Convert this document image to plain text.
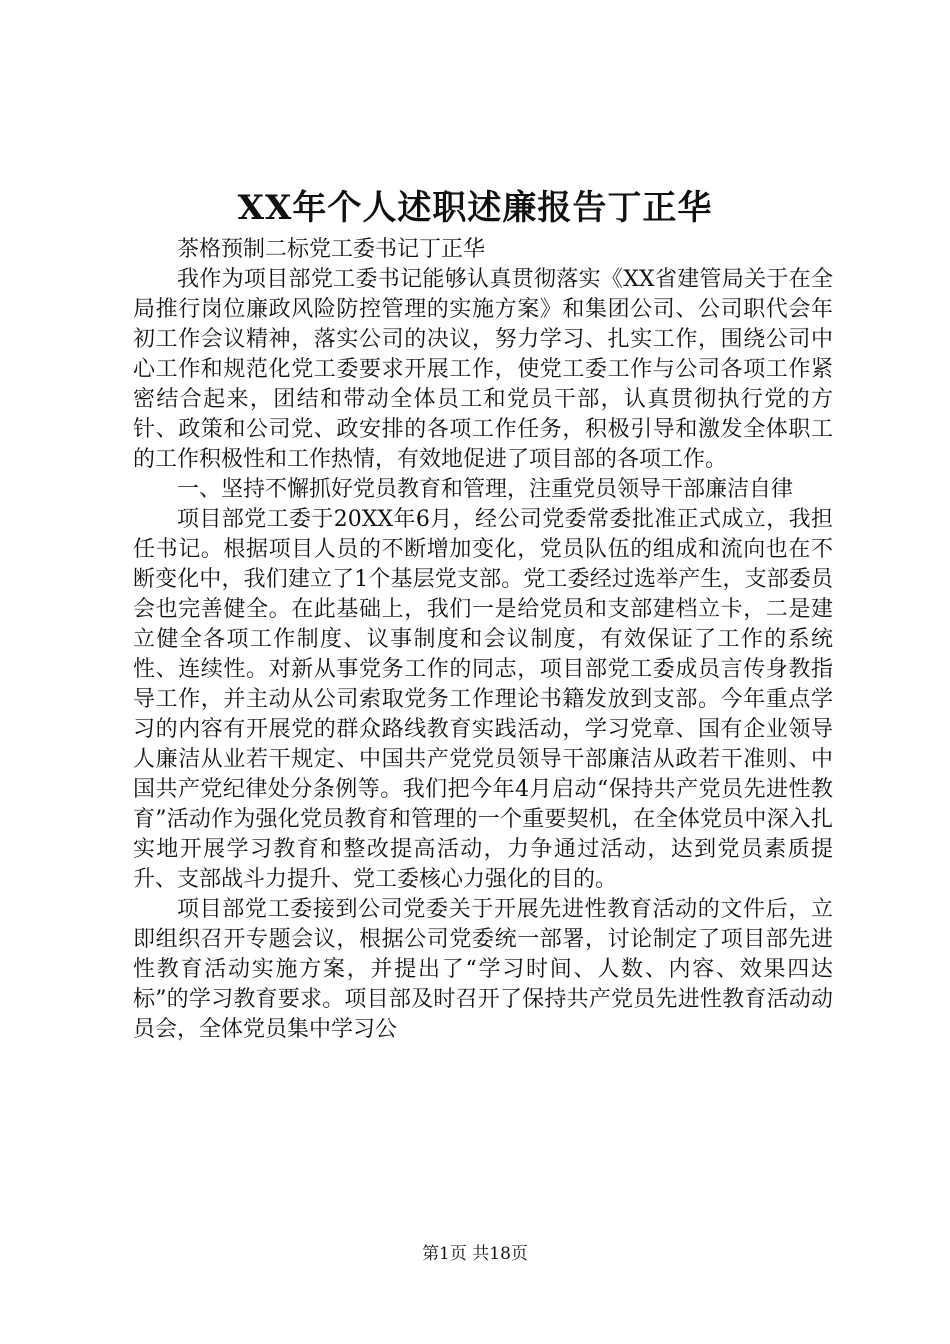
XX年个人述职述廉报告丁正华

茶格预制二标党工委书记丁正华

我作为项目部党工委书记能够认真贯彻落实《XX省建管局关于在全局推行岗位廉政风险防控管理的实施方案》和集团公司、公司职代会年初工作会议精神，落实公司的决议，努力学习、扎实工作，围绕公司中心工作和规范化党工委要求开展工作，使党工委工作与公司各项工作紧密结合起来，团结和带动全体员工和党员干部，认真贯彻执行党的方针、政策和公司党、政安排的各项工作任务，积极引导和激发全体职工的工作积极性和工作热情，有效地促进了项目部的各项工作。

一、坚持不懈抓好党员教育和管理，注重党员领导干部廉洁自律

项目部党工委于20XX年6月，经公司党委常委批准正式成立，我担任书记。根据项目人员的不断增加变化，党员队伍的组成和流向也在不断变化中，我们建立了1个基层党支部。党工委经过选举产生，支部委员会也完善健全。在此基础上，我们一是给党员和支部建档立卡，二是建立健全各项工作制度、议事制度和会议制度，有效保证了工作的系统性、连续性。对新从事党务工作的同志，项目部党工委成员言传身教指导工作，并主动从公司索取党务工作理论书籍发放到支部。今年重点学习的内容有开展党的群众路线教育实践活动，学习党章、国有企业领导人廉洁从业若干规定、中国共产党党员领导干部廉洁从政若干准则、中国共产党纪律处分条例等。我们把今年4月启动“保持共产党员先进性教育”活动作为强化党员教育和管理的一个重要契机，在全体党员中深入扎实地开展学习教育和整改提高活动，力争通过活动，达到党员素质提升、支部战斗力提升、党工委核心力强化的目的。

项目部党工委接到公司党委关于开展先进性教育活动的文件后，立即组织召开专题会议，根据公司党委统一部署，讨论制定了项目部先进性教育活动实施方案，并提出了“学习时间、人数、内容、效果四达标”的学习教育要求。项目部及时召开了保持共产党员先进性教育活动动员会，全体党员集中学习公

第1页 共18页
